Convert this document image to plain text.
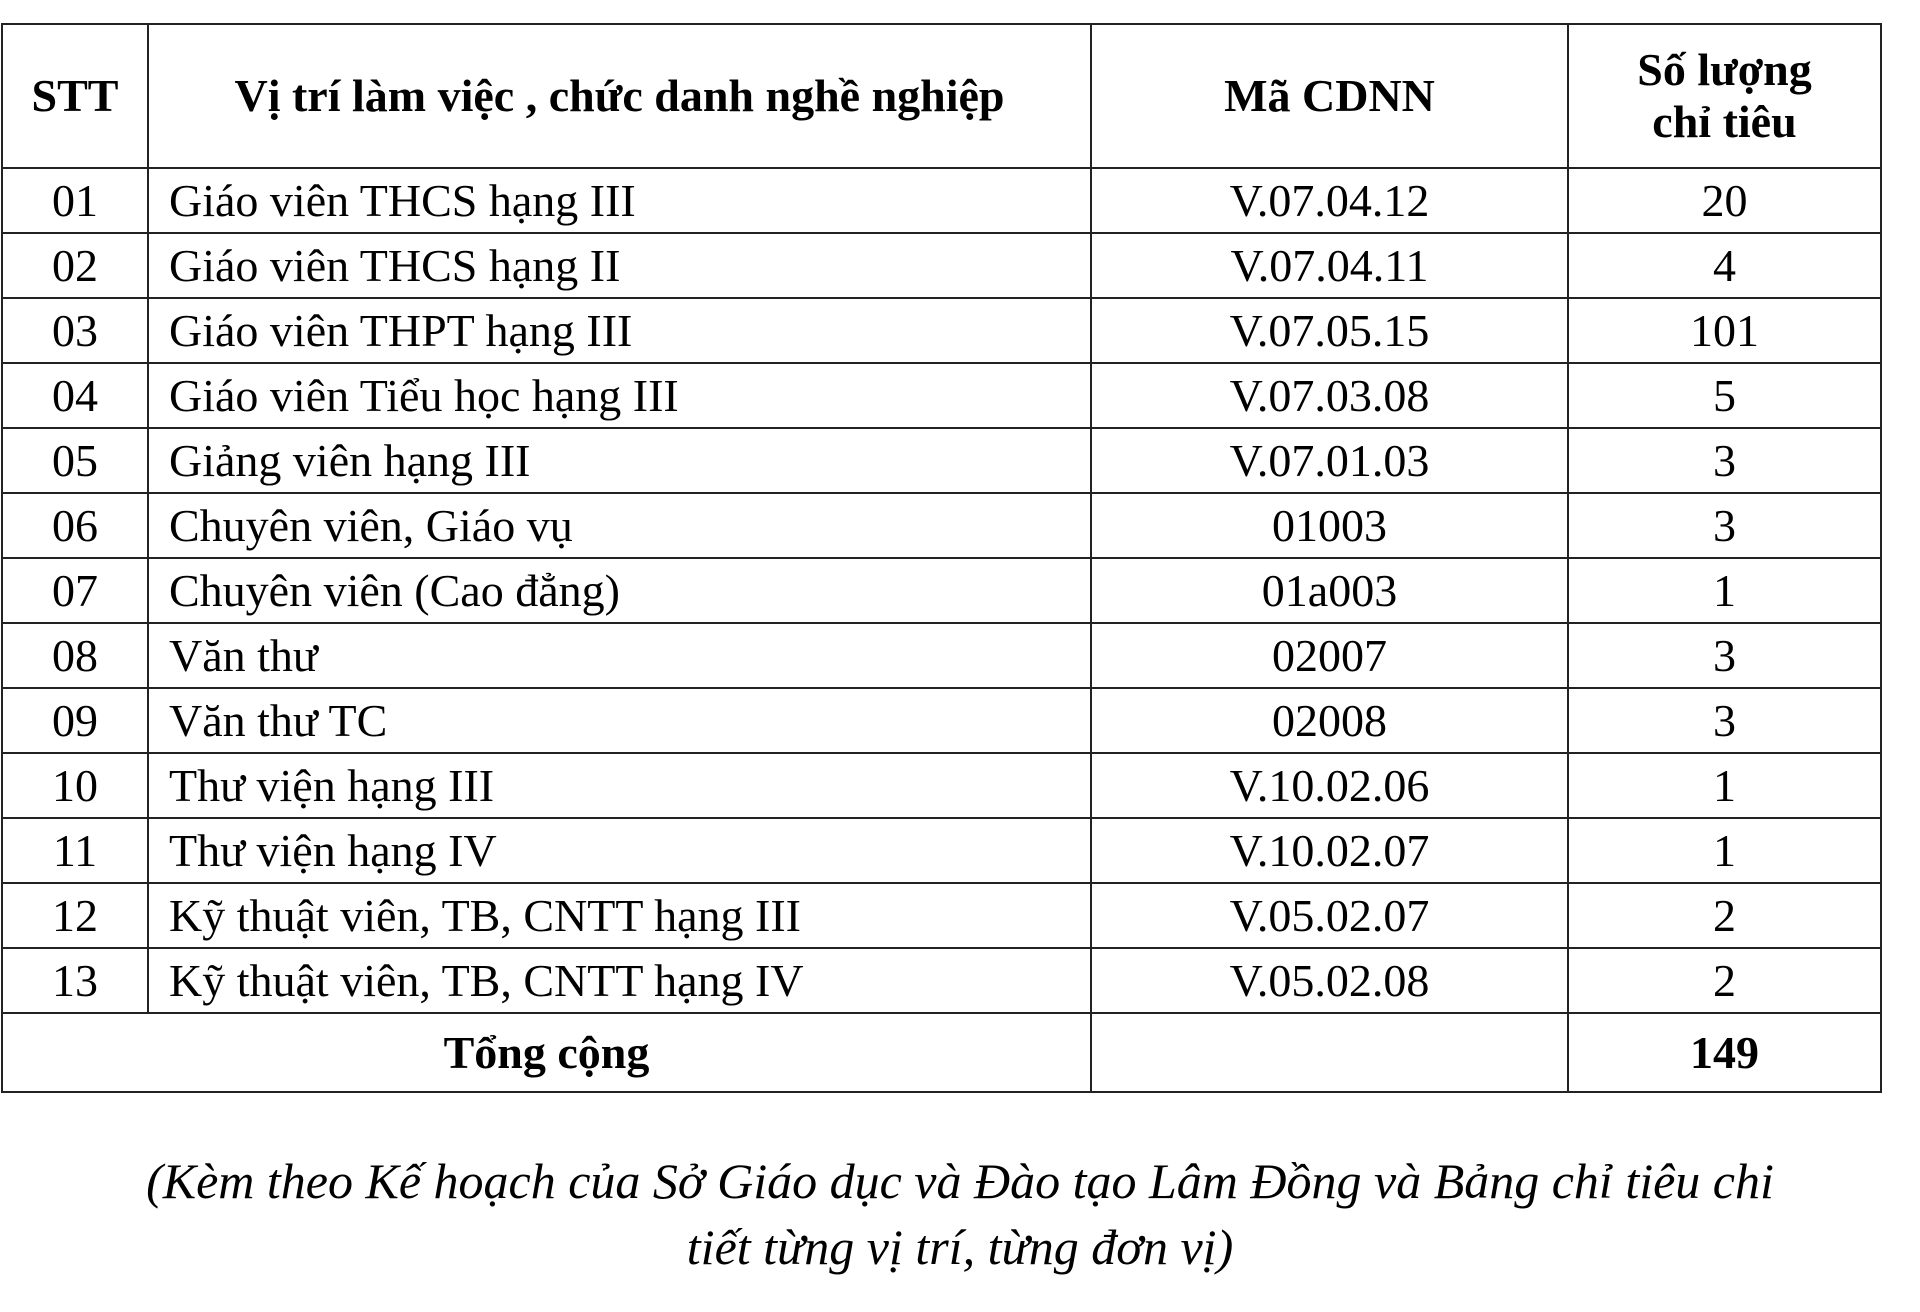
STT	Vị trí làm việc , chức danh nghề nghiệp	Mã CDNN	Số lượng
chỉ tiêu

01	Giáo viên THCS hạng III	V.07.04.12	20
02	Giáo viên THCS hạng II	V.07.04.11	4
03	Giáo viên THPT hạng III	V.07.05.15	101
04	Giáo viên Tiểu học hạng III	V.07.03.08	5
05	Giảng viên hạng III	V.07.01.03	3
06	Chuyên viên, Giáo vụ	01003	3
07	Chuyên viên (Cao đẳng)	01a003	1
08	Văn thư	02007	3
09	Văn thư TC	02008	3
10	Thư viện hạng III	V.10.02.06	1
11	Thư viện hạng IV	V.10.02.07	1
12	Kỹ thuật viên, TB, CNTT hạng III	V.05.02.07	2
13	Kỹ thuật viên, TB, CNTT hạng IV	V.05.02.08	2
Tổng cộng			149
(Kèm theo Kế hoạch của Sở Giáo dục và Đào tạo Lâm Đồng và Bảng chỉ tiêu chi
tiết từng vị trí, từng đơn vị)
